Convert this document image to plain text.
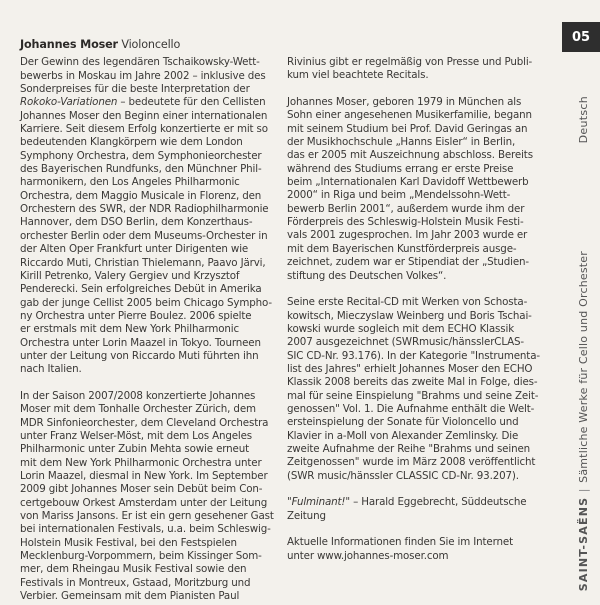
Johannes Moser Violoncello
Der Gewinn des legendären Tschaikowsky-Wett-
bewerbs in Moskau im Jahre 2002 – inklusive des
Sonderpreises für die beste Interpretation der
Rokoko-Variationen – bedeutete für den Cellisten
Johannes Moser den Beginn einer internationalen
Karriere. Seit diesem Erfolg konzertierte er mit so
bedeutenden Klangkörpern wie dem London
Symphony Orchestra, dem Symphonieorchester
des Bayerischen Rundfunks, den Münchner Phil-
harmonikern, den Los Angeles Philharmonic
Orchestra, dem Maggio Musicale in Florenz, den
Orchestern des SWR, der NDR Radiophilharmonie
Hannover, dem DSO Berlin, dem Konzerthaus-
orchester Berlin oder dem Museums-Orchester in
der Alten Oper Frankfurt unter Dirigenten wie
Riccardo Muti, Christian Thielemann, Paavo Järvi,
Kirill Petrenko, Valery Gergiev und Krzysztof
Penderecki. Sein erfolgreiches Debüt in Amerika
gab der junge Cellist 2005 beim Chicago Sympho-
ny Orchestra unter Pierre Boulez. 2006 spielte
er erstmals mit dem New York Philharmonic
Orchestra unter Lorin Maazel in Tokyo. Tourneen
unter der Leitung von Riccardo Muti führten ihn
nach Italien.
In der Saison 2007/2008 konzertierte Johannes
Moser mit dem Tonhalle Orchester Zürich, dem
MDR Sinfonieorchester, dem Cleveland Orchestra
unter Franz Welser-Möst, mit dem Los Angeles
Philharmonic unter Zubin Mehta sowie erneut
mit dem New York Philharmonic Orchestra unter
Lorin Maazel, diesmal in New York. Im September
2009 gibt Johannes Moser sein Debüt beim Con-
certgebouw Orkest Amsterdam unter der Leitung
von Mariss Jansons. Er ist ein gern gesehener Gast
bei internationalen Festivals, u.a. beim Schleswig-
Holstein Musik Festival, bei den Festspielen
Mecklenburg-Vorpommern, beim Kissinger Som-
mer, dem Rheingau Musik Festival sowie den
Festivals in Montreux, Gstaad, Moritzburg und
Verbier. Gemeinsam mit dem Pianisten Paul
Rivinius gibt er regelmäßig von Presse und Publi-
kum viel beachtete Recitals.
Johannes Moser, geboren 1979 in München als
Sohn einer angesehenen Musikerfamilie, begann
mit seinem Studium bei Prof. David Geringas an
der Musikhochschule „Hanns Eisler“ in Berlin,
das er 2005 mit Auszeichnung abschloss. Bereits
während des Studiums errang er erste Preise
beim „Internationalen Karl Davidoff Wettbewerb
2000“ in Riga und beim „Mendelssohn-Wett-
bewerb Berlin 2001“, außerdem wurde ihm der
Förderpreis des Schleswig-Holstein Musik Festi-
vals 2001 zugesprochen. Im Jahr 2003 wurde er
mit dem Bayerischen Kunstförderpreis ausge-
zeichnet, zudem war er Stipendiat der „Studien-
stiftung des Deutschen Volkes“.
Seine erste Recital-CD mit Werken von Schosta-
kowitsch, Mieczyslaw Weinberg und Boris Tschai-
kowski wurde sogleich mit dem ECHO Klassik
2007 ausgezeichnet (SWRmusic/hänsslerCLAS-
SIC CD-Nr. 93.176). In der Kategorie "Instrumenta-
list des Jahres" erhielt Johannes Moser den ECHO
Klassik 2008 bereits das zweite Mal in Folge, dies-
mal für seine Einspielung "Brahms und seine Zeit-
genossen" Vol. 1. Die Aufnahme enthält die Welt-
ersteinspielung der Sonate für Violoncello und
Klavier in a-Moll von Alexander Zemlinsky. Die
zweite Aufnahme der Reihe "Brahms und seinen
Zeitgenossen" wurde im März 2008 veröffentlicht
(SWR music/hänssler CLASSIC CD-Nr. 93.207).
"Fulminant!" – Harald Eggebrecht, Süddeutsche
Zeitung
Aktuelle Informationen finden Sie im Internet
unter www.johannes-moser.com
05
Deutsch
SAINT-SAËNS|Sämtliche Werke für Cello und Orchester
